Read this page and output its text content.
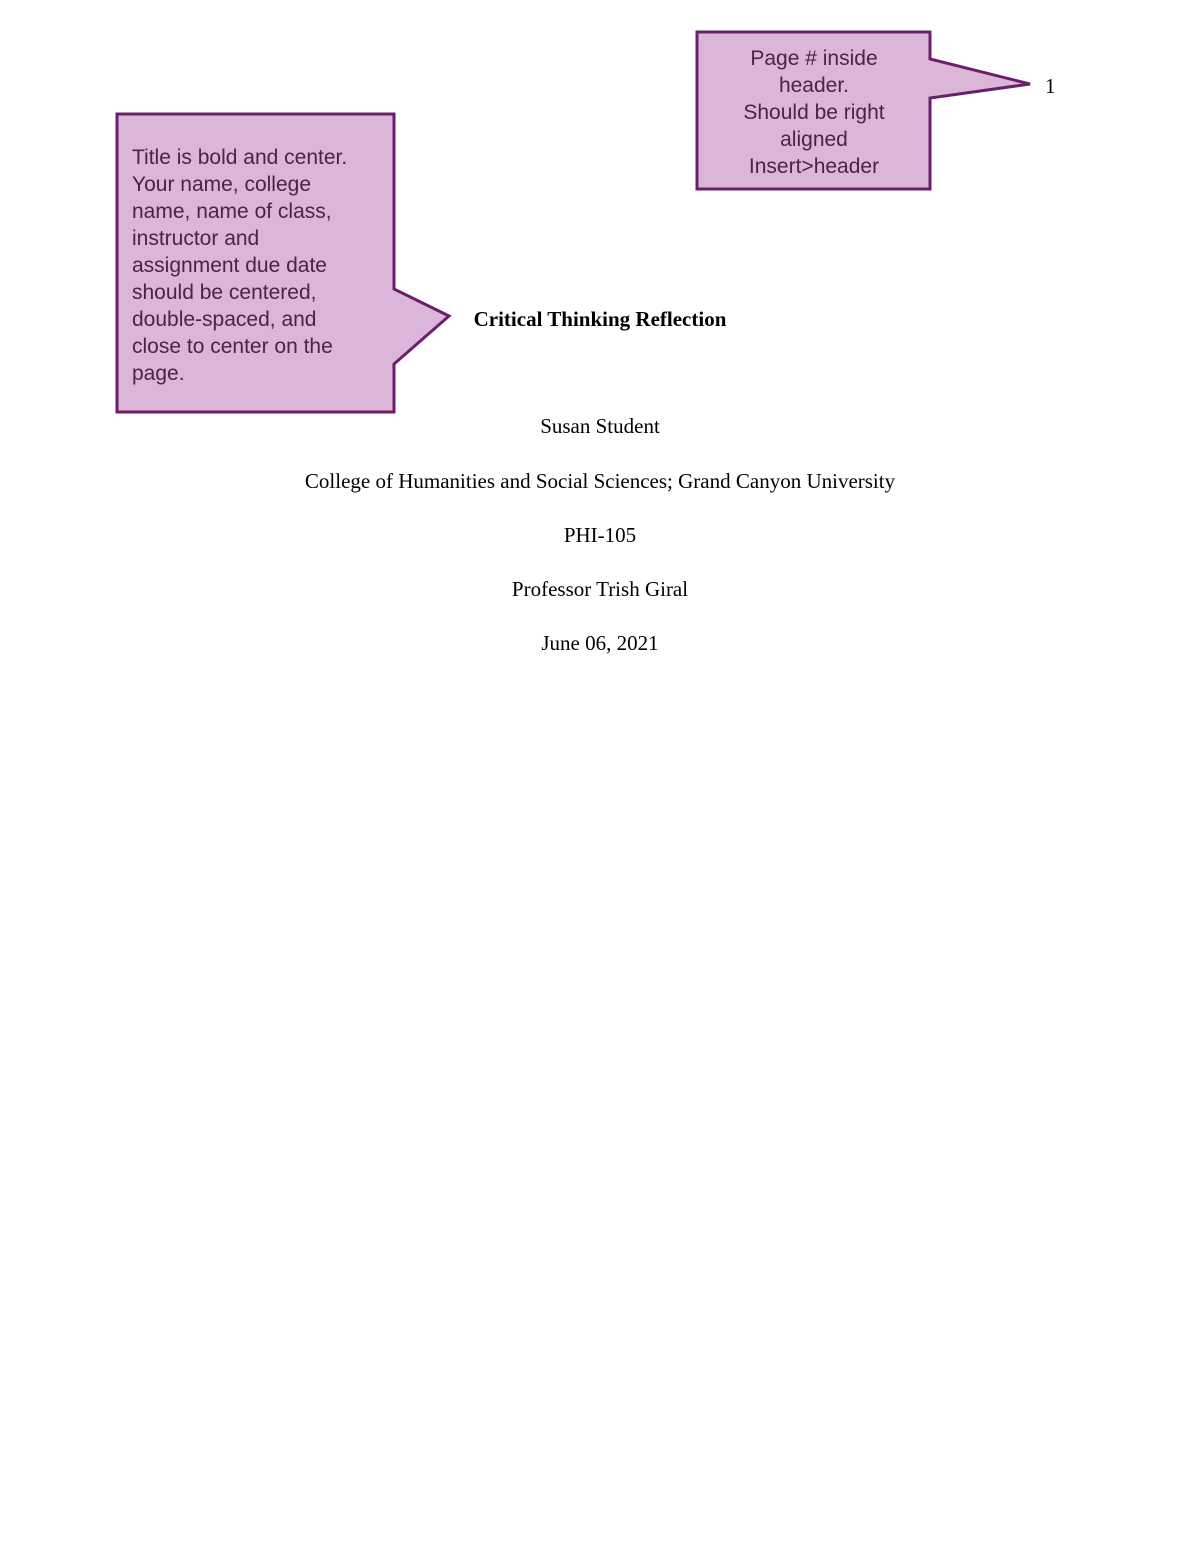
1
Critical Thinking Reflection
Susan Student
College of Humanities and Social Sciences; Grand Canyon University
PHI-105
Professor Trish Giral
June 06, 2021
Page # inside
header.
Should be right
aligned
Insert>header
Title is bold and center.
Your name, college
name, name of class,
instructor and
assignment due date
should be centered,
double-spaced, and
close to center on the
page.
